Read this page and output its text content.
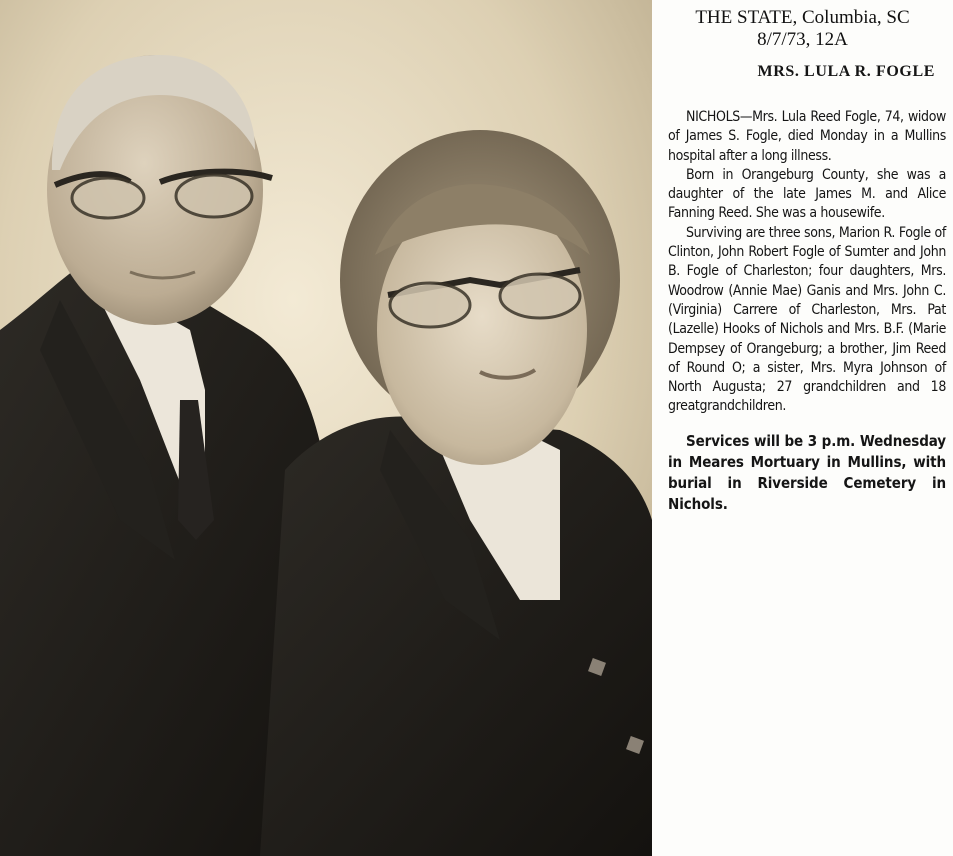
THE STATE, Columbia, SC
8/7/73, 12A
MRS. LULA R. FOGLE

NICHOLS—Mrs. Lula Reed Fogle, 74, widow of James S. Fogle, died Monday in a Mullins hospital after a long illness.

Born in Orangeburg County, she was a daughter of the late James M. and Alice Fanning Reed. She was a housewife.

Surviving are three sons, Marion R. Fogle of Clinton, John Robert Fogle of Sumter and John B. Fogle of Charleston; four daughters, Mrs. Woodrow (Annie Mae) Ganis and Mrs. John C. (Virginia) Carrere of Charleston, Mrs. Pat (Lazelle) Hooks of Nichols and Mrs. B.F. (Marie Dempsey of Orangeburg; a brother, Jim Reed of Round O; a sister, Mrs. Myra Johnson of North Augusta; 27 grandchildren and 18 greatgrandchildren.

Services will be 3 p.m. Wednesday in Meares Mortuary in Mullins, with burial in Riverside Cemetery in Nichols.
